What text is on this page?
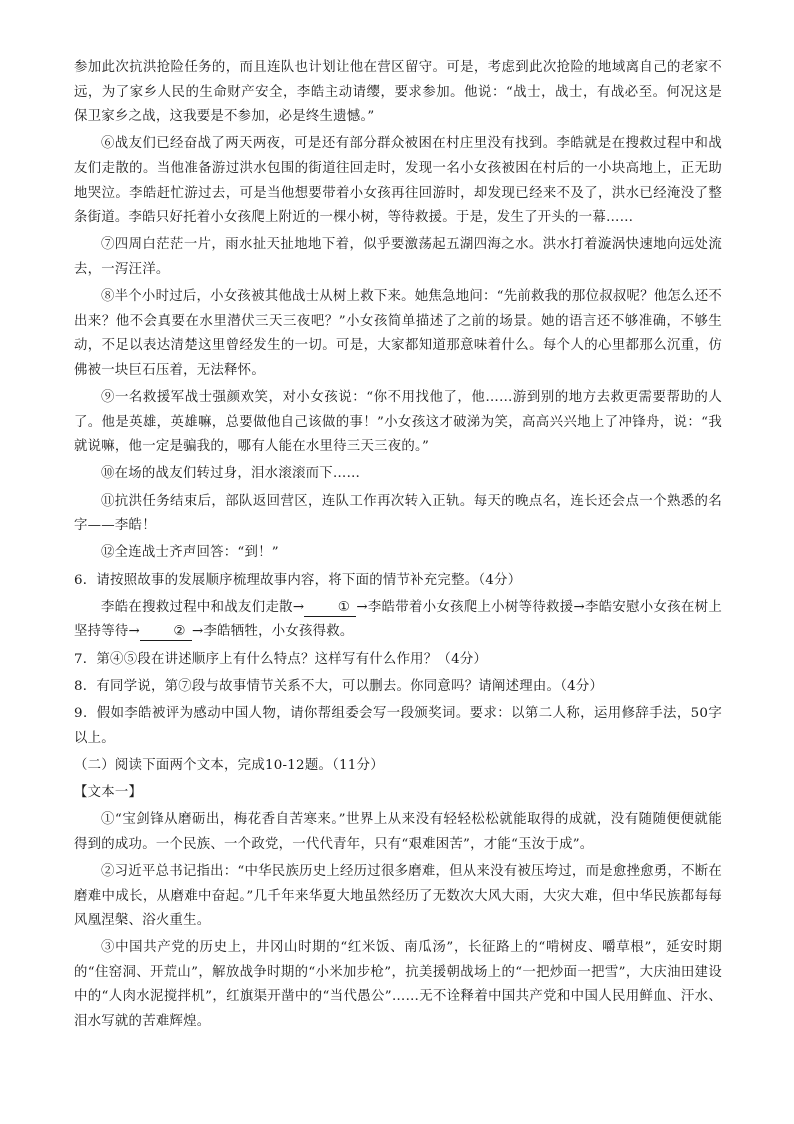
参加此次抗洪抢险任务的，而且连队也计划让他在营区留守。可是，考虑到此次抢险的地域离自己的老家不远，为了家乡人民的生命财产安全，李皓主动请缨，要求参加。他说：“战士，战士，有战必至。何况这是保卫家乡之战，这我要是不参加，必是终生遗憾。”

⑥战友们已经奋战了两天两夜，可是还有部分群众被困在村庄里没有找到。李皓就是在搜救过程中和战友们走散的。当他准备游过洪水包围的街道往回走时，发现一名小女孩被困在村后的一小块高地上，正无助地哭泣。李皓赶忙游过去，可是当他想要带着小女孩再往回游时，却发现已经来不及了，洪水已经淹没了整条街道。李皓只好托着小女孩爬上附近的一棵小树，等待救援。于是，发生了开头的一幕……

⑦四周白茫茫一片，雨水扯天扯地地下着，似乎要激荡起五湖四海之水。洪水打着漩涡快速地向远处流去，一泻汪洋。

⑧半个小时过后，小女孩被其他战士从树上救下来。她焦急地问：“先前救我的那位叔叔呢？他怎么还不出来？他不会真要在水里潜伏三天三夜吧？”小女孩简单描述了之前的场景。她的语言还不够准确，不够生动，不足以表达清楚这里曾经发生的一切。可是，大家都知道那意味着什么。每个人的心里都那么沉重，仿佛被一块巨石压着，无法释怀。

⑨一名救援军战士强颜欢笑，对小女孩说：“你不用找他了，他……游到别的地方去救更需要帮助的人了。他是英雄，英雄嘛，总要做他自己该做的事！”小女孩这才破涕为笑，高高兴兴地上了冲锋舟，说：“我就说嘛，他一定是骗我的，哪有人能在水里待三天三夜的。”

⑩在场的战友们转过身，泪水滚滚而下……

⑪抗洪任务结束后，部队返回营区，连队工作再次转入正轨。每天的晚点名，连长还会点一个熟悉的名字——李皓！

⑫全连战士齐声回答：“到！”

6．请按照故事的发展顺序梳理故事内容，将下面的情节补充完整。（4分）

李皓在搜救过程中和战友们走散→ ① →李皓带着小女孩爬上小树等待救援→李皓安慰小女孩在树上坚持等待→ ② →李皓牺牲，小女孩得救。

7．第④⑤段在讲述顺序上有什么特点？这样写有什么作用？（4分）

8．有同学说，第⑦段与故事情节关系不大，可以删去。你同意吗？请阐述理由。（4分）

9．假如李皓被评为感动中国人物，请你帮组委会写一段颁奖词。要求：以第二人称，运用修辞手法，50字以上。

（二）阅读下面两个文本，完成10-12题。（11分）

【文本一】

①“宝剑锋从磨砺出，梅花香自苦寒来。”世界上从来没有轻轻松松就能取得的成就，没有随随便便就能得到的成功。一个民族、一个政党，一代代青年，只有“艰难困苦”，才能“玉汝于成”。

②习近平总书记指出：“中华民族历史上经历过很多磨难，但从来没有被压垮过，而是愈挫愈勇，不断在磨难中成长，从磨难中奋起。”几千年来华夏大地虽然经历了无数次大风大雨，大灾大难，但中华民族都每每风凰涅槃、浴火重生。

③中国共产党的历史上，井冈山时期的“红米饭、南瓜汤”，长征路上的“啃树皮、嚼草根”，延安时期的“住窑洞、开荒山”，解放战争时期的“小米加步枪”，抗美援朝战场上的“一把炒面一把雪”，大庆油田建设中的“人肉水泥搅拌机”，红旗渠开凿中的“当代愚公”……无不诠释着中国共产党和中国人民用鲜血、汗水、泪水写就的苦难辉煌。
